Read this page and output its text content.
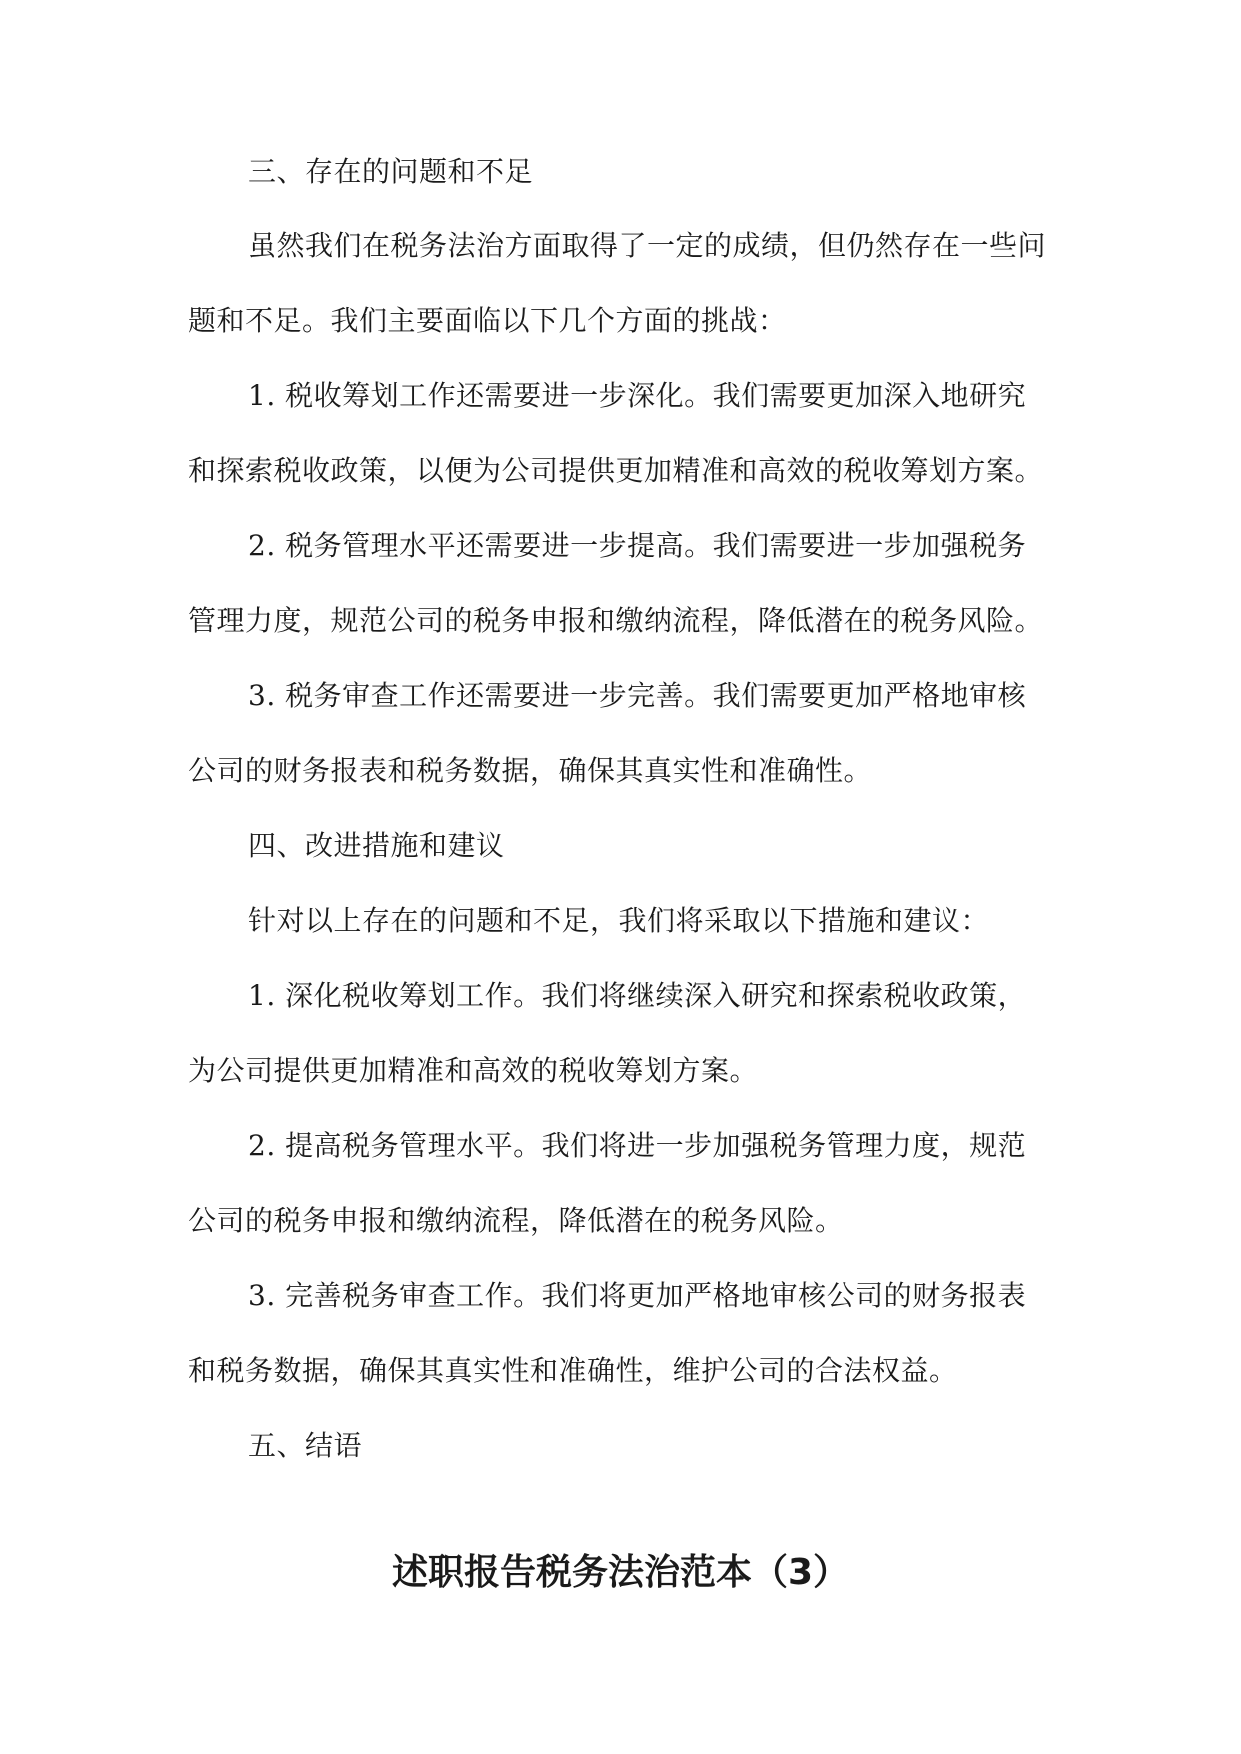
三、存在的问题和不足
虽然我们在税务法治方面取得了一定的成绩，但仍然存在一些问
题和不足。我们主要面临以下几个方面的挑战：
1. 税收筹划工作还需要进一步深化。我们需要更加深入地研究
和探索税收政策，以便为公司提供更加精准和高效的税收筹划方案。
2. 税务管理水平还需要进一步提高。我们需要进一步加强税务
管理力度，规范公司的税务申报和缴纳流程，降低潜在的税务风险。
3. 税务审查工作还需要进一步完善。我们需要更加严格地审核
公司的财务报表和税务数据，确保其真实性和准确性。
四、改进措施和建议
针对以上存在的问题和不足，我们将采取以下措施和建议：
1. 深化税收筹划工作。我们将继续深入研究和探索税收政策，
为公司提供更加精准和高效的税收筹划方案。
2. 提高税务管理水平。我们将进一步加强税务管理力度，规范
公司的税务申报和缴纳流程，降低潜在的税务风险。
3. 完善税务审查工作。我们将更加严格地审核公司的财务报表
和税务数据，确保其真实性和准确性，维护公司的合法权益。
五、结语
述职报告税务法治范本（3）
